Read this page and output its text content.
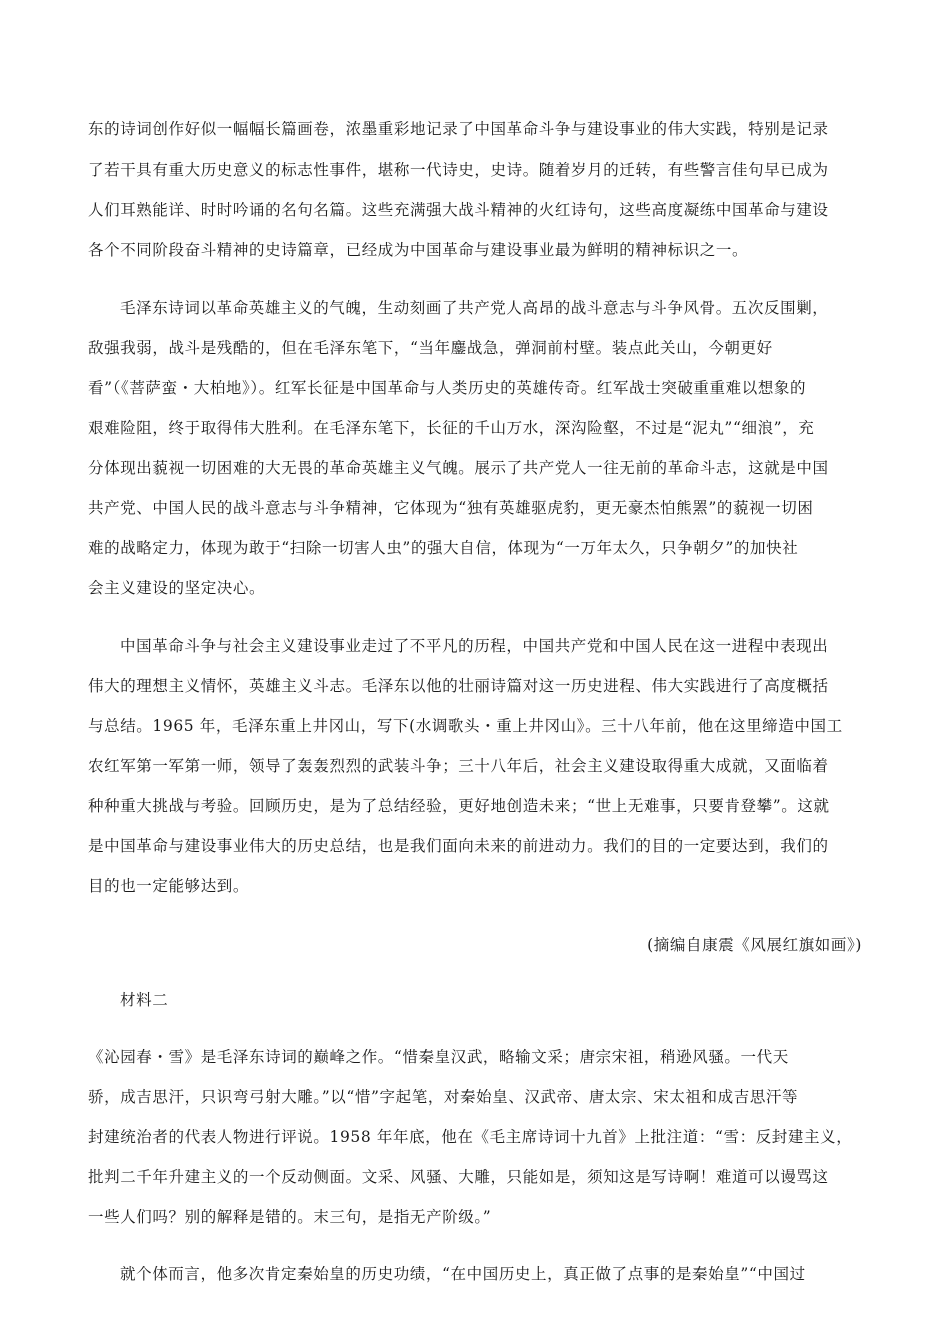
东的诗词创作好似一幅幅长篇画卷，浓墨重彩地记录了中国革命斗争与建设事业的伟大实践，特别是记录
了若干具有重大历史意义的标志性事件，堪称一代诗史，史诗。随着岁月的迁转，有些警言佳句早已成为
人们耳熟能详、时时吟诵的名句名篇。这些充满强大战斗精神的火红诗句，这些高度凝练中国革命与建设
各个不同阶段奋斗精神的史诗篇章，已经成为中国革命与建设事业最为鲜明的精神标识之一。
毛泽东诗词以革命英雄主义的气魄，生动刻画了共产党人高昂的战斗意志与斗争风骨。五次反围剿，
敌强我弱，战斗是残酷的，但在毛泽东笔下，“当年鏖战急，弹洞前村壁。装点此关山，今朝更好
看”（《菩萨蛮・大柏地》）。红军长征是中国革命与人类历史的英雄传奇。红军战士突破重重难以想象的
艰难险阻，终于取得伟大胜利。在毛泽东笔下，长征的千山万水，深沟险壑，不过是“泥丸”“细浪”，充
分体现出藐视一切困难的大无畏的革命英雄主义气魄。展示了共产党人一往无前的革命斗志，这就是中国
共产党、中国人民的战斗意志与斗争精神，它体现为“独有英雄驱虎豹，更无豪杰怕熊罴”的藐视一切困
难的战略定力，体现为敢于“扫除一切害人虫”的强大自信，体现为“一万年太久，只争朝夕”的加快社
会主义建设的坚定决心。
中国革命斗争与社会主义建设事业走过了不平凡的历程，中国共产党和中国人民在这一进程中表现出
伟大的理想主义情怀，英雄主义斗志。毛泽东以他的壮丽诗篇对这一历史进程、伟大实践进行了高度概括
与总结。1965 年，毛泽东重上井冈山，写下(水调歌头・重上井冈山》。三十八年前，他在这里缔造中国工
农红军第一军第一师，领导了轰轰烈烈的武装斗争；三十八年后，社会主义建设取得重大成就，又面临着
种种重大挑战与考验。回顾历史，是为了总结经验，更好地创造未来；“世上无难事，只要肯登攀”。这就
是中国革命与建设事业伟大的历史总结，也是我们面向未来的前进动力。我们的目的一定要达到，我们的
目的也一定能够达到。
(摘编自康震《风展红旗如画》)
材料二
《沁园春・雪》是毛泽东诗词的巅峰之作。“惜秦皇汉武，略输文采；唐宗宋祖，稍逊风骚。一代天
骄，成吉思汗，只识弯弓射大雕。”以“惜”字起笔，对秦始皇、汉武帝、唐太宗、宋太祖和成吉思汗等
封建统治者的代表人物进行评说。1958 年年底，他在《毛主席诗词十九首》上批注道：“雪：反封建主义，
批判二千年升建主义的一个反动侧面。文采、风骚、大雕，只能如是，须知这是写诗啊！难道可以谩骂这
一些人们吗？别的解释是错的。末三句，是指无产阶级。”
就个体而言，他多次肯定秦始皇的历史功绩，“在中国历史上，真正做了点事的是秦始皇”“中国过
